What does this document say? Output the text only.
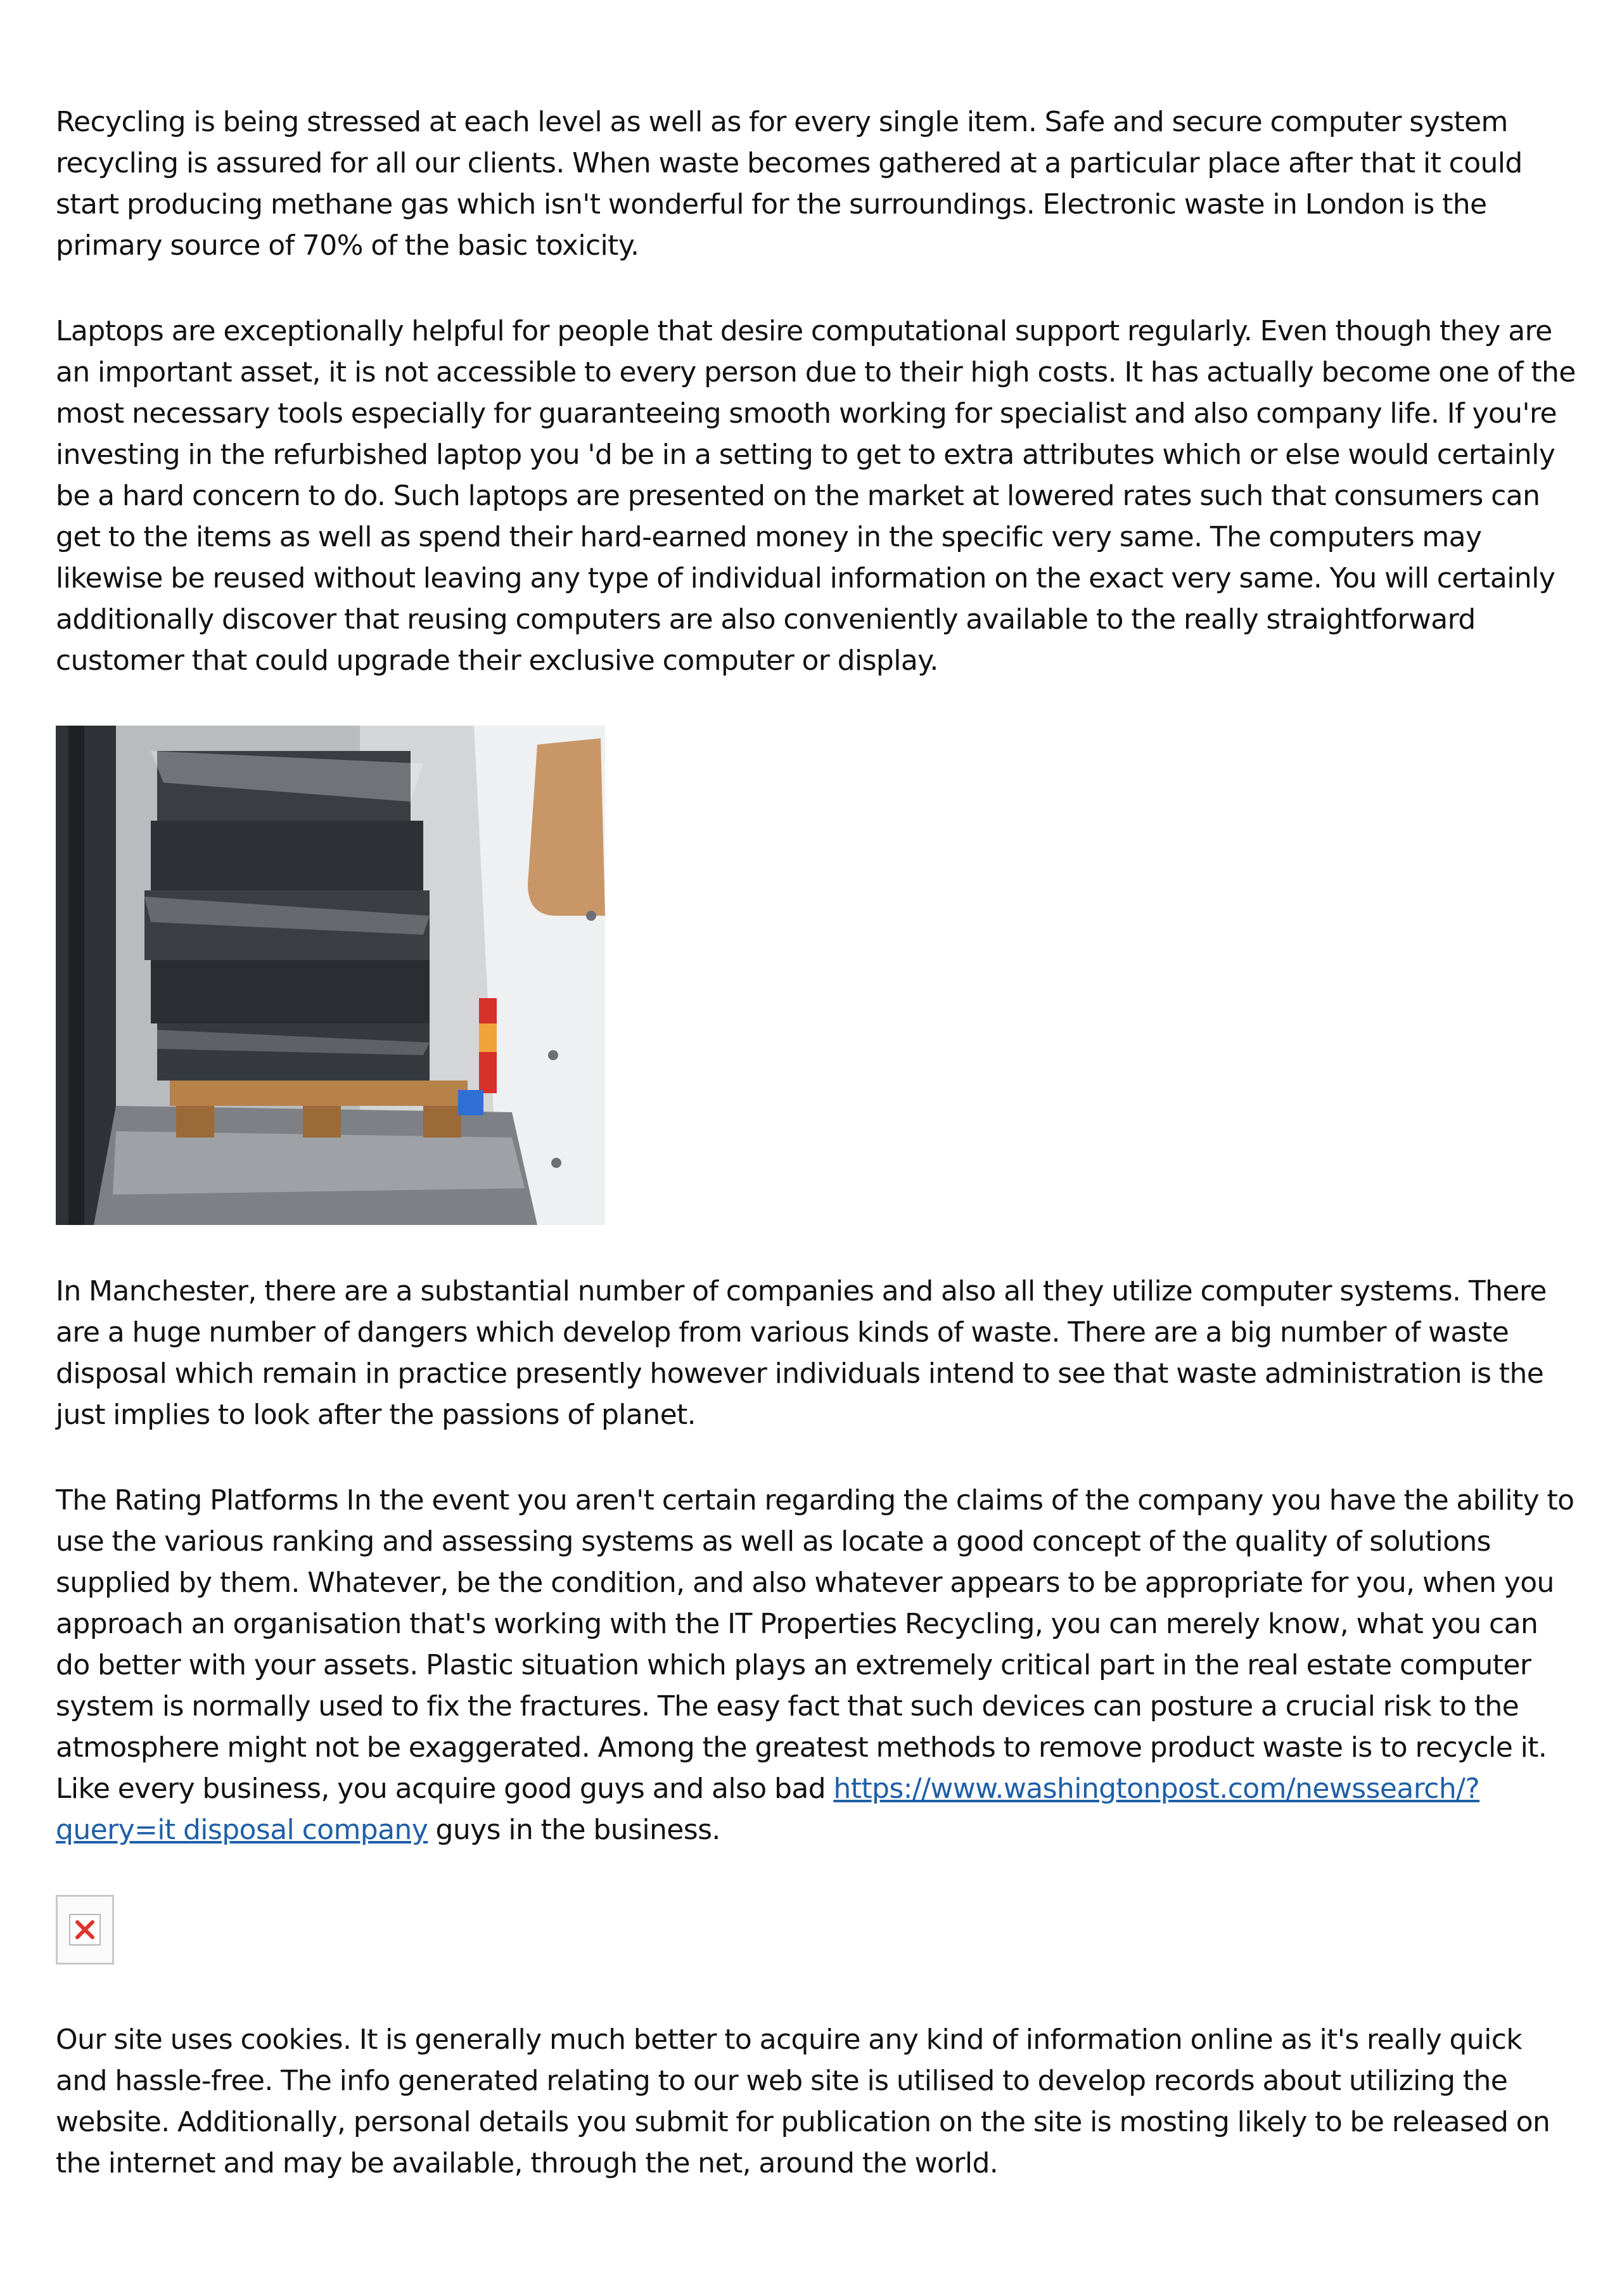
Recycling is being stressed at each level as well as for every single item. Safe and secure computer system recycling is assured for all our clients. When waste becomes gathered at a particular place after that it could start producing methane gas which isn't wonderful for the surroundings. Electronic waste in London is the primary source of 70% of the basic toxicity.

Laptops are exceptionally helpful for people that desire computational support regularly. Even though they are an important asset, it is not accessible to every person due to their high costs. It has actually become one of the most necessary tools especially for guaranteeing smooth working for specialist and also company life. If you're investing in the refurbished laptop you 'd be in a setting to get to extra attributes which or else would certainly be a hard concern to do. Such laptops are presented on the market at lowered rates such that consumers can get to the items as well as spend their hard-earned money in the specific very same. The computers may likewise be reused without leaving any type of individual information on the exact very same. You will certainly additionally discover that reusing computers are also conveniently available to the really straightforward customer that could upgrade their exclusive computer or display.

In Manchester, there are a substantial number of companies and also all they utilize computer systems. There are a huge number of dangers which develop from various kinds of waste. There are a big number of waste disposal which remain in practice presently however individuals intend to see that waste administration is the just implies to look after the passions of planet.

The Rating Platforms In the event you aren't certain regarding the claims of the company you have the ability to use the various ranking and assessing systems as well as locate a good concept of the quality of solutions supplied by them. Whatever, be the condition, and also whatever appears to be appropriate for you, when you approach an organisation that's working with the IT Properties Recycling, you can merely know, what you can do better with your assets. Plastic situation which plays an extremely critical part in the real estate computer system is normally used to fix the fractures. The easy fact that such devices can posture a crucial risk to the atmosphere might not be exaggerated. Among the greatest methods to remove product waste is to recycle it. Like every business, you acquire good guys and also bad https://www.washingtonpost.com/newssearch/?query=it disposal company guys in the business.

Our site uses cookies. It is generally much better to acquire any kind of information online as it's really quick and hassle-free. The info generated relating to our web site is utilised to develop records about utilizing the website. Additionally, personal details you submit for publication on the site is mosting likely to be released on the internet and may be available, through the net, around the world.
